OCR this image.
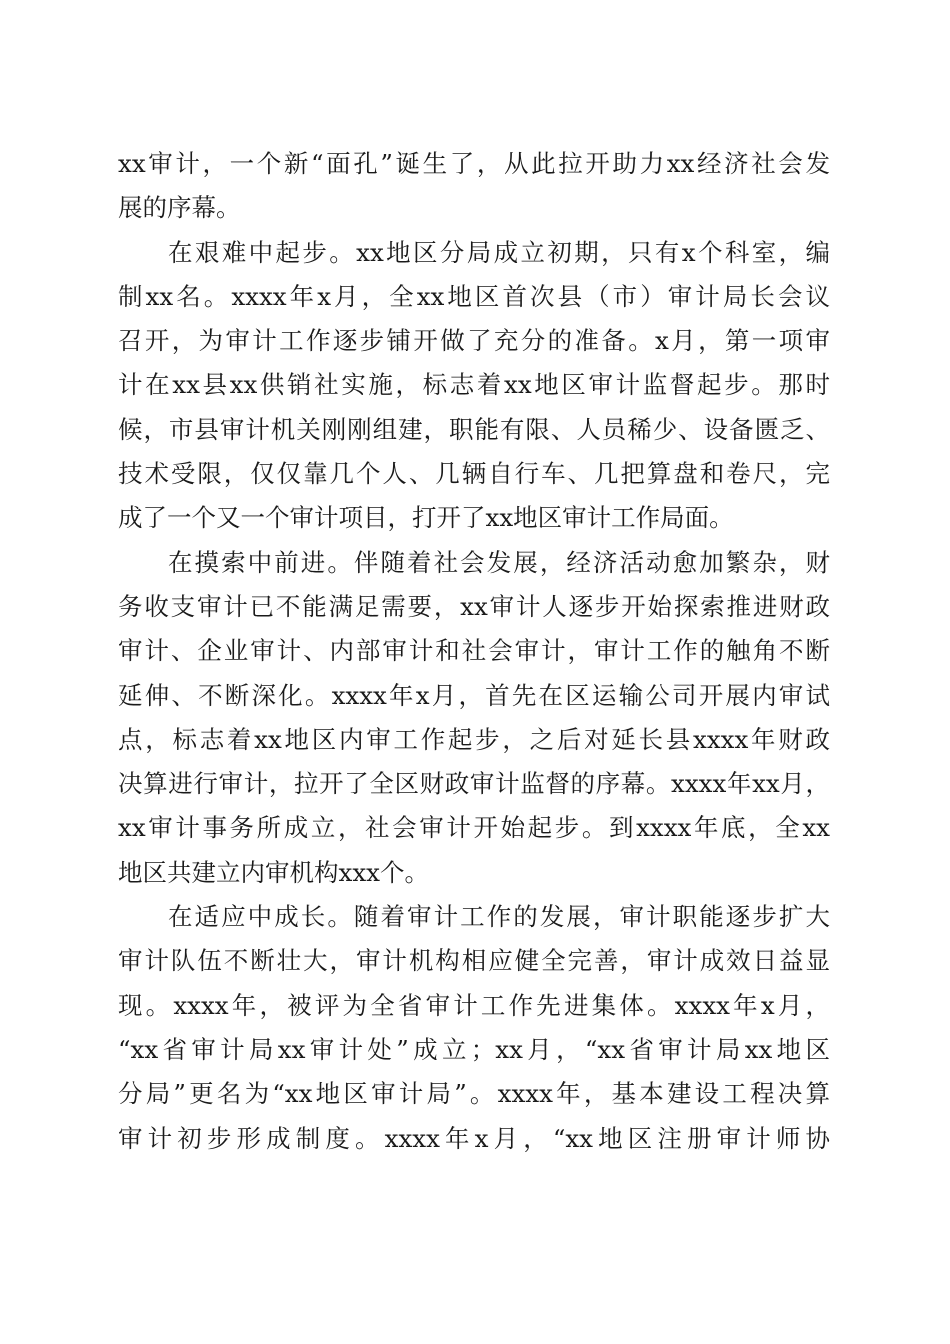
xx审计，一个新“面孔”诞生了，从此拉开助力xx经济社会发
展的序幕。
在艰难中起步。xx地区分局成立初期，只有x个科室，编
制xx名。xxxx年x月，全xx地区首次县（市）审计局长会议
召开，为审计工作逐步铺开做了充分的准备。x月，第一项审
计在xx县xx供销社实施，标志着xx地区审计监督起步。那时
候，市县审计机关刚刚组建，职能有限、人员稀少、设备匮乏、
技术受限，仅仅靠几个人、几辆自行车、几把算盘和卷尺，完
成了一个又一个审计项目，打开了xx地区审计工作局面。
在摸索中前进。伴随着社会发展，经济活动愈加繁杂，财
务收支审计已不能满足需要，xx审计人逐步开始探索推进财政
审计、企业审计、内部审计和社会审计，审计工作的触角不断
延伸、不断深化。xxxx年x月，首先在区运输公司开展内审试
点，标志着xx地区内审工作起步，之后对延长县xxxx年财政
决算进行审计，拉开了全区财政审计监督的序幕。xxxx年xx月，
xx审计事务所成立，社会审计开始起步。到xxxx年底，全xx
地区共建立内审机构xxx个。
在适应中成长。随着审计工作的发展，审计职能逐步扩大
审计队伍不断壮大，审计机构相应健全完善，审计成效日益显
现。xxxx年，被评为全省审计工作先进集体。xxxx年x月，
“xx省审计局xx审计处”成立；xx月，“xx省审计局xx地区
分局”更名为“xx地区审计局”。xxxx年，基本建设工程决算
审计初步形成制度。xxxx年x月，“xx地区注册审计师协
